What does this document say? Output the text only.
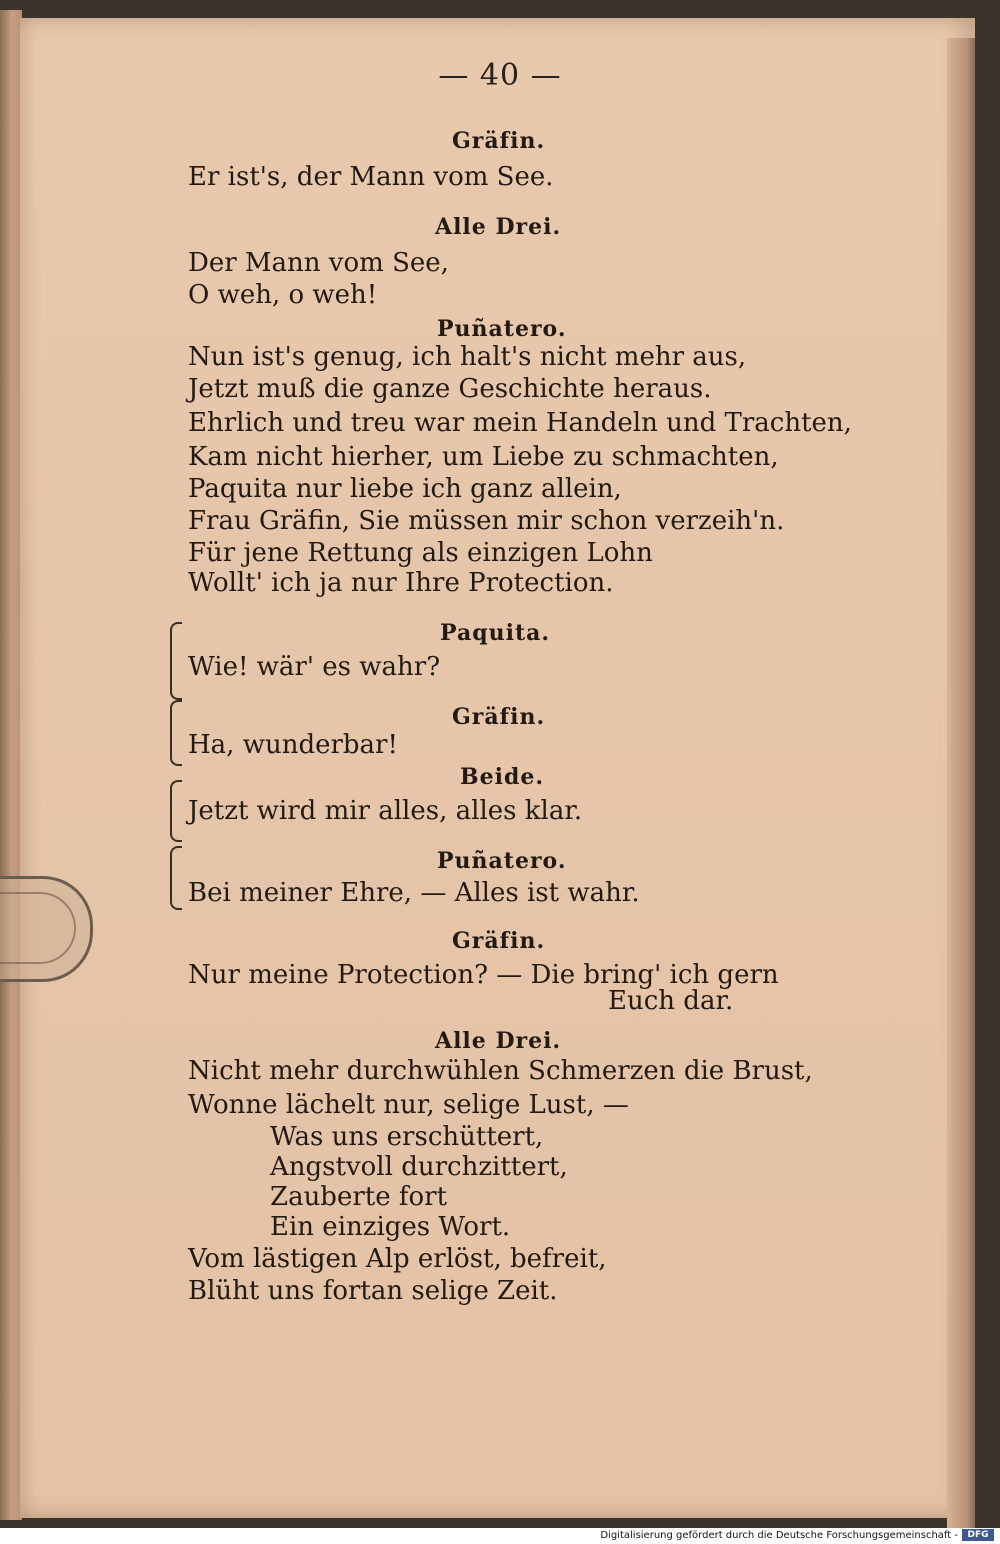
— 40 —
Gräfin.
Er ist's, der Mann vom See.
Alle Drei.
Der Mann vom See,
O weh, o weh!
Puñatero.
Nun ist's genug, ich halt's nicht mehr aus,
Jetzt muß die ganze Geschichte heraus.
Ehrlich und treu war mein Handeln und Trachten,
Kam nicht hierher, um Liebe zu schmachten,
Paquita nur liebe ich ganz allein,
Frau Gräfin, Sie müssen mir schon verzeih'n.
Für jene Rettung als einzigen Lohn
Wollt' ich ja nur Ihre Protection.
Paquita.
Wie! wär' es wahr?
Gräfin.
Ha, wunderbar!
Beide.
Jetzt wird mir alles, alles klar.
Puñatero.
Bei meiner Ehre, — Alles ist wahr.
Gräfin.
Nur meine Protection? — Die bring' ich gern
Euch dar.
Alle Drei.
Nicht mehr durchwühlen Schmerzen die Brust,
Wonne lächelt nur, selige Lust, —
Was uns erschüttert,
Angstvoll durchzittert,
Zauberte fort
Ein einziges Wort.
Vom lästigen Alp erlöst, befreit,
Blüht uns fortan selige Zeit.
Digitalisierung gefördert durch die Deutsche Forschungsgemeinschaft -	DFG
